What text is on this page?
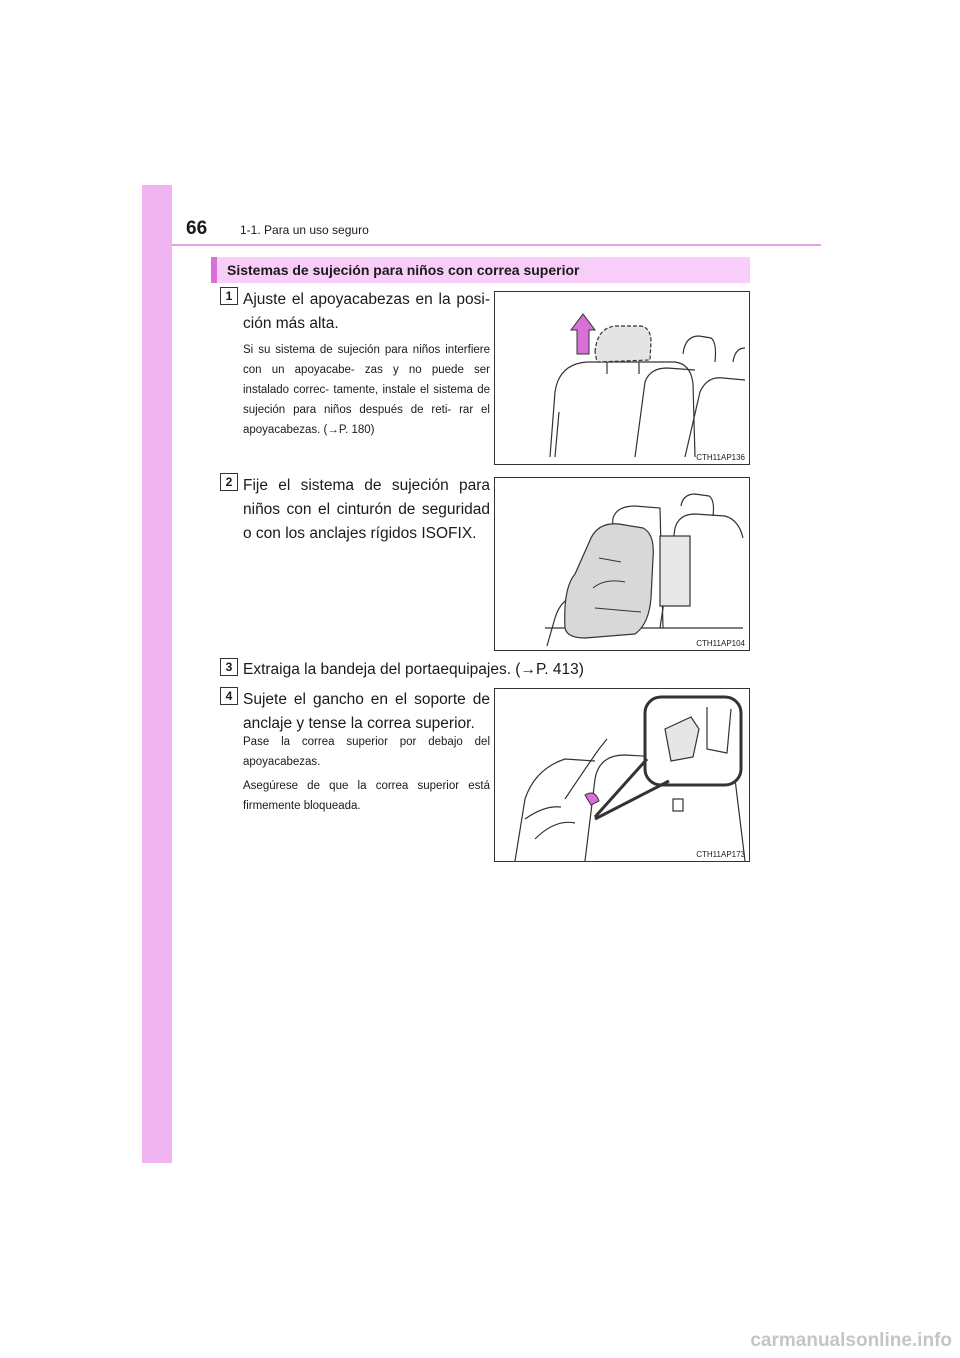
66	1-1. Para un uso seguro
Sistemas de sujeción para niños con correa superior
1 Ajuste el apoyacabezas en la posi- ción más alta.
Si su sistema de sujeción para niños interfiere con un apoyacabe- zas y no puede ser instalado correc- tamente, instale el sistema de sujeción para niños después de reti- rar el apoyacabezas. (→P. 180)
CTH11AP136
2 Fije el sistema de sujeción para niños con el cinturón de seguridad o con los anclajes rígidos ISOFIX.
CTH11AP104
3 Extraiga la bandeja del portaequipajes. (→P. 413)
4 Sujete el gancho en el soporte de anclaje y tense la correa superior.
Pase la correa superior por debajo del apoyacabezas.
Asegúrese de que la correa superior está firmemente bloqueada.
CTH11AP173
carmanualsonline.info
